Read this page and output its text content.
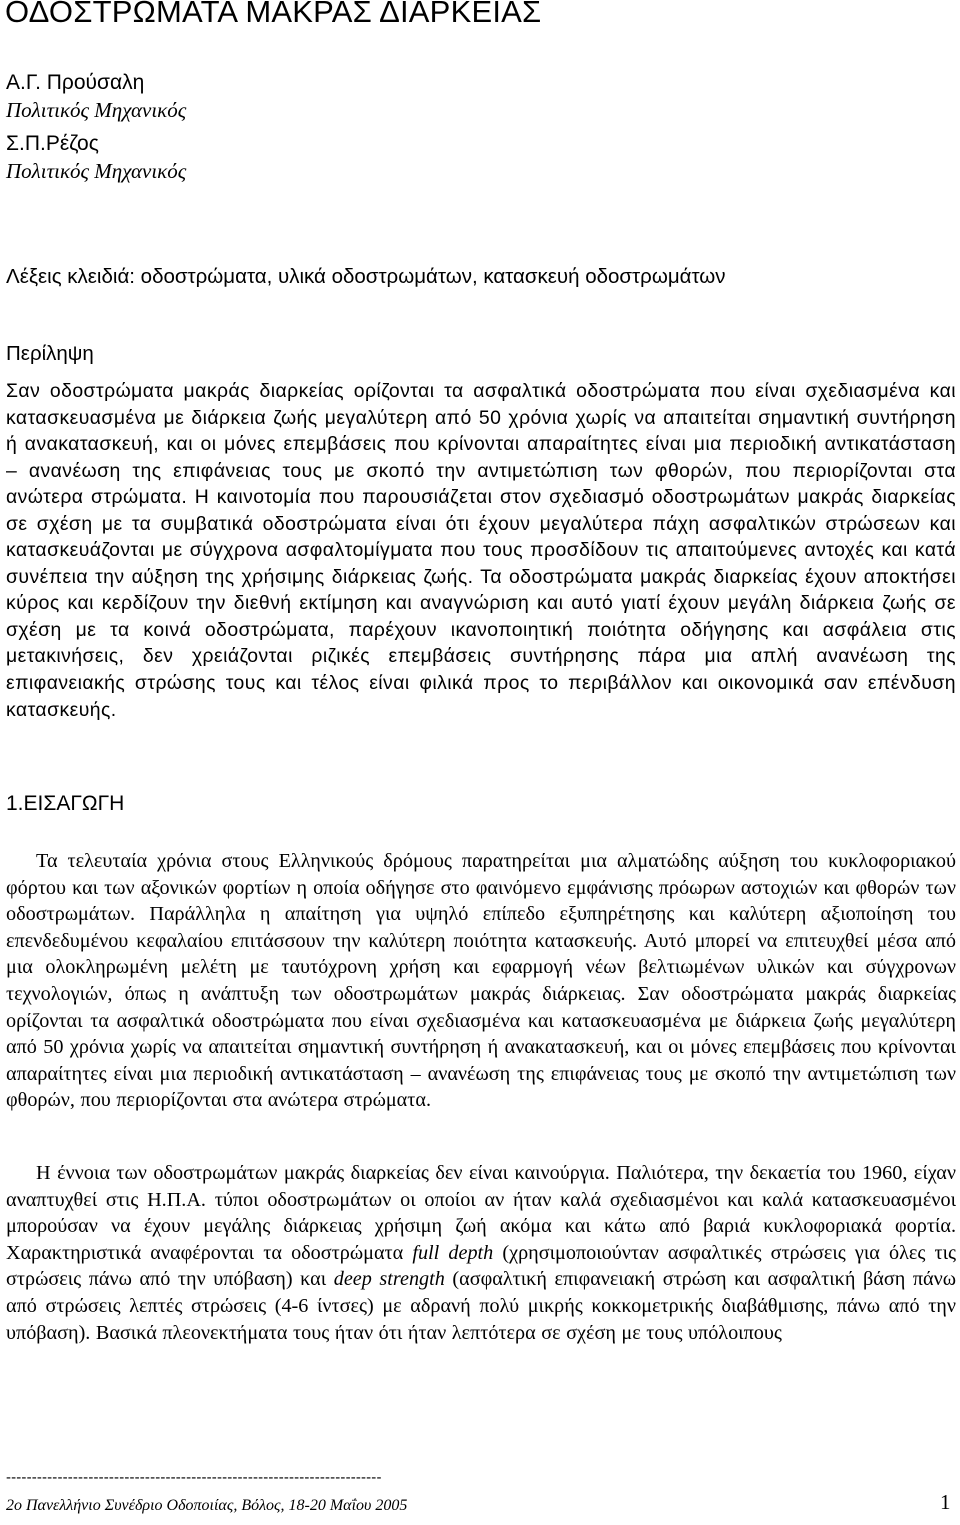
ΟΔΟΣΤΡΩΜΑΤΑ ΜΑΚΡΑΣ ΔΙΑΡΚΕΙΑΣ
Α.Γ. Προύσαλη
Πολιτικός Μηχανικός
Σ.Π.Ρέζος
Πολιτικός Μηχανικός
Λέξεις κλειδιά: οδοστρώματα, υλικά οδοστρωμάτων, κατασκευή οδοστρωμάτων
Περίληψη

Σαν οδοστρώματα μακράς διαρκείας ορίζονται τα ασφαλτικά οδοστρώματα που είναι σχεδιασμένα και κατασκευασμένα με διάρκεια ζωής μεγαλύτερη από 50 χρόνια χωρίς να απαιτείται σημαντική συντήρηση ή ανακατασκευή, και οι μόνες επεμβάσεις που κρίνονται απαραίτητες είναι μια περιοδική αντικατάσταση – ανανέωση της επιφάνειας τους με σκοπό την αντιμετώπιση των φθορών, που περιορίζονται στα ανώτερα στρώματα. Η καινοτομία που παρουσιάζεται στον σχεδιασμό οδοστρωμάτων μακράς διαρκείας σε σχέση με τα συμβατικά οδοστρώματα είναι ότι έχουν μεγαλύτερα πάχη ασφαλτικών στρώσεων και κατασκευάζονται με σύγχρονα ασφαλτομίγματα που τους προσδίδουν τις απαιτούμενες αντοχές και κατά συνέπεια την αύξηση της χρήσιμης διάρκειας ζωής. Τα οδοστρώματα μακράς διαρκείας έχουν αποκτήσει κύρος και κερδίζουν την διεθνή εκτίμηση και αναγνώριση και αυτό γιατί έχουν μεγάλη διάρκεια ζωής σε σχέση με τα κοινά οδοστρώματα, παρέχουν ικανοποιητική ποιότητα οδήγησης και ασφάλεια στις μετακινήσεις, δεν χρειάζονται ριζικές επεμβάσεις συντήρησης πάρα μια απλή ανανέωση της επιφανειακής στρώσης τους και τέλος είναι φιλικά προς το περιβάλλον και οικονομικά σαν επένδυση κατασκευής.

1.ΕΙΣΑΓΩΓΗ

Τα τελευταία χρόνια στους Ελληνικούς δρόμους παρατηρείται μια αλματώδης αύξηση του κυκλοφοριακού φόρτου και των αξονικών φορτίων η οποία οδήγησε στο φαινόμενο εμφάνισης πρόωρων αστοχιών και φθορών των οδοστρωμάτων. Παράλληλα η απαίτηση για υψηλό επίπεδο εξυπηρέτησης και καλύτερη αξιοποίηση του επενδεδυμένου κεφαλαίου επιτάσσουν την καλύτερη ποιότητα κατασκευής. Αυτό μπορεί να επιτευχθεί μέσα από μια ολοκληρωμένη μελέτη με ταυτόχρονη χρήση και εφαρμογή νέων βελτιωμένων υλικών και σύγχρονων τεχνολογιών, όπως η ανάπτυξη των οδοστρωμάτων μακράς διάρκειας. Σαν οδοστρώματα μακράς διαρκείας ορίζονται τα ασφαλτικά οδοστρώματα που είναι σχεδιασμένα και κατασκευασμένα με διάρκεια ζωής μεγαλύτερη από 50 χρόνια χωρίς να απαιτείται σημαντική συντήρηση ή ανακατασκευή, και οι μόνες επεμβάσεις που κρίνονται απαραίτητες είναι μια περιοδική αντικατάσταση – ανανέωση της επιφάνειας τους με σκοπό την αντιμετώπιση των φθορών, που περιορίζονται στα ανώτερα στρώματα.

Η έννοια των οδοστρωμάτων μακράς διαρκείας δεν είναι καινούργια. Παλιότερα, την δεκαετία του 1960, είχαν αναπτυχθεί στις Η.Π.Α. τύποι οδοστρωμάτων οι οποίοι αν ήταν καλά σχεδιασμένοι και καλά κατασκευασμένοι μπορούσαν να έχουν μεγάλης διάρκειας χρήσιμη ζωή ακόμα και κάτω από βαριά κυκλοφοριακά φορτία. Χαρακτηριστικά αναφέρονται τα οδοστρώματα full depth (χρησιμοποιούνταν ασφαλτικές στρώσεις για όλες τις στρώσεις πάνω από την υπόβαση) και deep strength (ασφαλτική επιφανειακή στρώση και ασφαλτική βάση πάνω από στρώσεις λεπτές στρώσεις (4-6 ίντσες) με αδρανή πολύ μικρής κοκκομετρικής διαβάθμισης, πάνω από την υπόβαση). Βασικά πλεονεκτήματα τους ήταν ότι ήταν λεπτότερα σε σχέση με τους υπόλοιπους

-------------------------------------------------------------------------
2ο Πανελλήνιο Συνέδριο Οδοποιίας, Βόλος, 18-20 Μαΐου 2005	1
